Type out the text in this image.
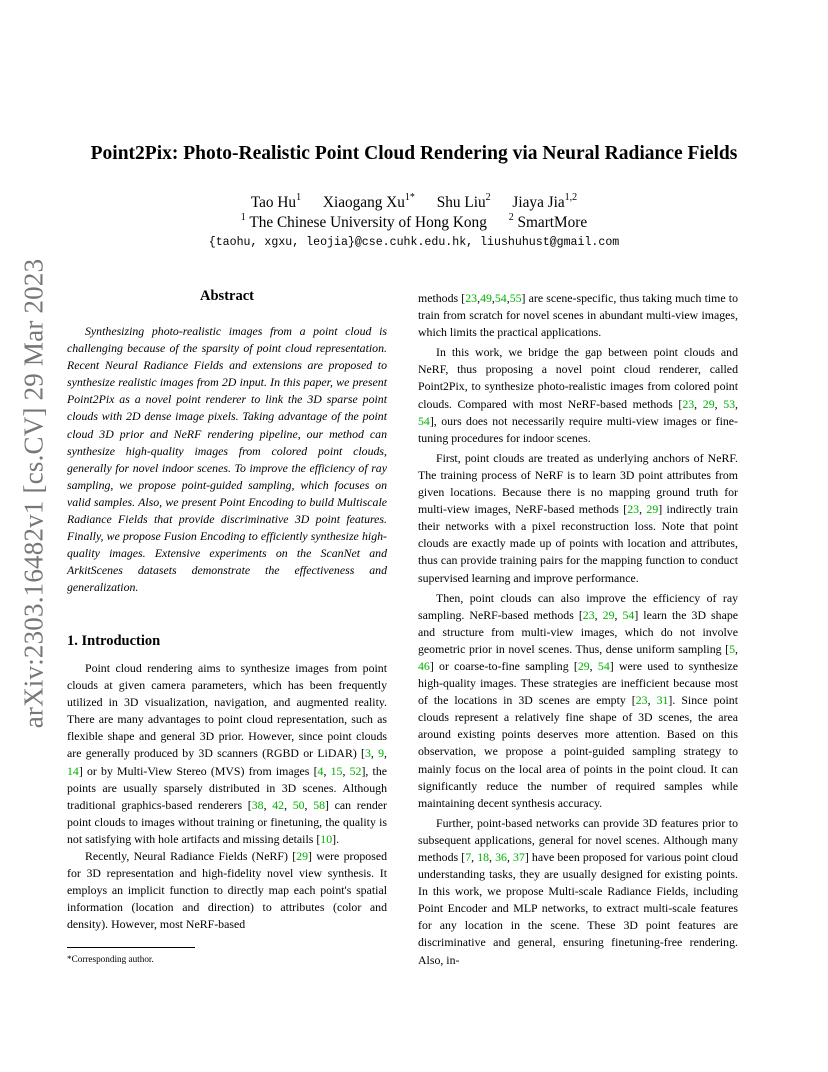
arXiv:2303.16482v1 [cs.CV] 29 Mar 2023
Point2Pix: Photo-Realistic Point Cloud Rendering via Neural Radiance Fields
Tao Hu$^1$ Xiaogang $Xu^{1*}$ Shu Liu$^2$ Jiaya Jia$^{1,2}$
$^1$ The Chinese University of Hong Kong $^2$ SmartMore
{taohu, xgxu, leojia}@cse.cuhk.edu.hk, liushuhust@gmail.com
Abstract

Synthesizing photo-realistic images from a point cloud is challenging because of the sparsity of point cloud representation. Recent Neural Radiance Fields and extensions are proposed to synthesize realistic images from 2D input. In this paper, we present Point2Pix as a novel point renderer to link the 3D sparse point clouds with 2D dense image pixels. Taking advantage of the point cloud 3D prior and NeRF rendering pipeline, our method can synthesize high-quality images from colored point clouds, generally for novel indoor scenes. To improve the efficiency of ray sampling, we propose point-guided sampling, which focuses on valid samples. Also, we present Point Encoding to build Multiscale Radiance Fields that provide discriminative 3D point features. Finally, we propose Fusion Encoding to efficiently synthesize high-quality images. Extensive experiments on the ScanNet and ArkitScenes datasets demonstrate the effectiveness and generalization.

1. Introduction

Point cloud rendering aims to synthesize images from point clouds at given camera parameters, which has been frequently utilized in 3D visualization, navigation, and augmented reality. There are many advantages to point cloud representation, such as flexible shape and general 3D prior. However, since point clouds are generally produced by 3D scanners (RGBD or LiDAR) [3, 9, 14] or by Multi-View Stereo (MVS) from images [4, 15, 52], the points are usually sparsely distributed in 3D scenes. Although traditional graphics-based renderers [38, 42, 50, 58] can render point clouds to images without training or finetuning, the quality is not satisfying with hole artifacts and missing details [10].

Recently, Neural Radiance Fields (NeRF) [29] were proposed for 3D representation and high-fidelity novel view synthesis. It employs an implicit function to directly map each point's spatial information (location and direction) to attributes (color and density). However, most NeRF-based

*Corresponding author.

methods [23,49,54,55] are scene-specific, thus taking much time to train from scratch for novel scenes in abundant multi-view images, which limits the practical applications.

In this work, we bridge the gap between point clouds and NeRF, thus proposing a novel point cloud renderer, called Point2Pix, to synthesize photo-realistic images from colored point clouds. Compared with most NeRF-based methods [23, 29, 53, 54], ours does not necessarily require multi-view images or fine-tuning procedures for indoor scenes.

First, point clouds are treated as underlying anchors of NeRF. The training process of NeRF is to learn 3D point attributes from given locations. Because there is no mapping ground truth for multi-view images, NeRF-based methods [23, 29] indirectly train their networks with a pixel reconstruction loss. Note that point clouds are exactly made up of points with location and attributes, thus can provide training pairs for the mapping function to conduct supervised learning and improve performance.

Then, point clouds can also improve the efficiency of ray sampling. NeRF-based methods [23, 29, 54] learn the 3D shape and structure from multi-view images, which do not involve geometric prior in novel scenes. Thus, dense uniform sampling [5, 46] or coarse-to-fine sampling [29, 54] were used to synthesize high-quality images. These strategies are inefficient because most of the locations in 3D scenes are empty [23, 31]. Since point clouds represent a relatively fine shape of 3D scenes, the area around existing points deserves more attention. Based on this observation, we propose a point-guided sampling strategy to mainly focus on the local area of points in the point cloud. It can significantly reduce the number of required samples while maintaining decent synthesis accuracy.

Further, point-based networks can provide 3D features prior to subsequent applications, general for novel scenes. Although many methods [7, 18, 36, 37] have been proposed for various point cloud understanding tasks, they are usually designed for existing points. In this work, we propose Multi-scale Radiance Fields, including Point Encoder and MLP networks, to extract multi-scale features for any location in the scene. These 3D point features are discriminative and general, ensuring finetuning-free rendering. Also, in-
